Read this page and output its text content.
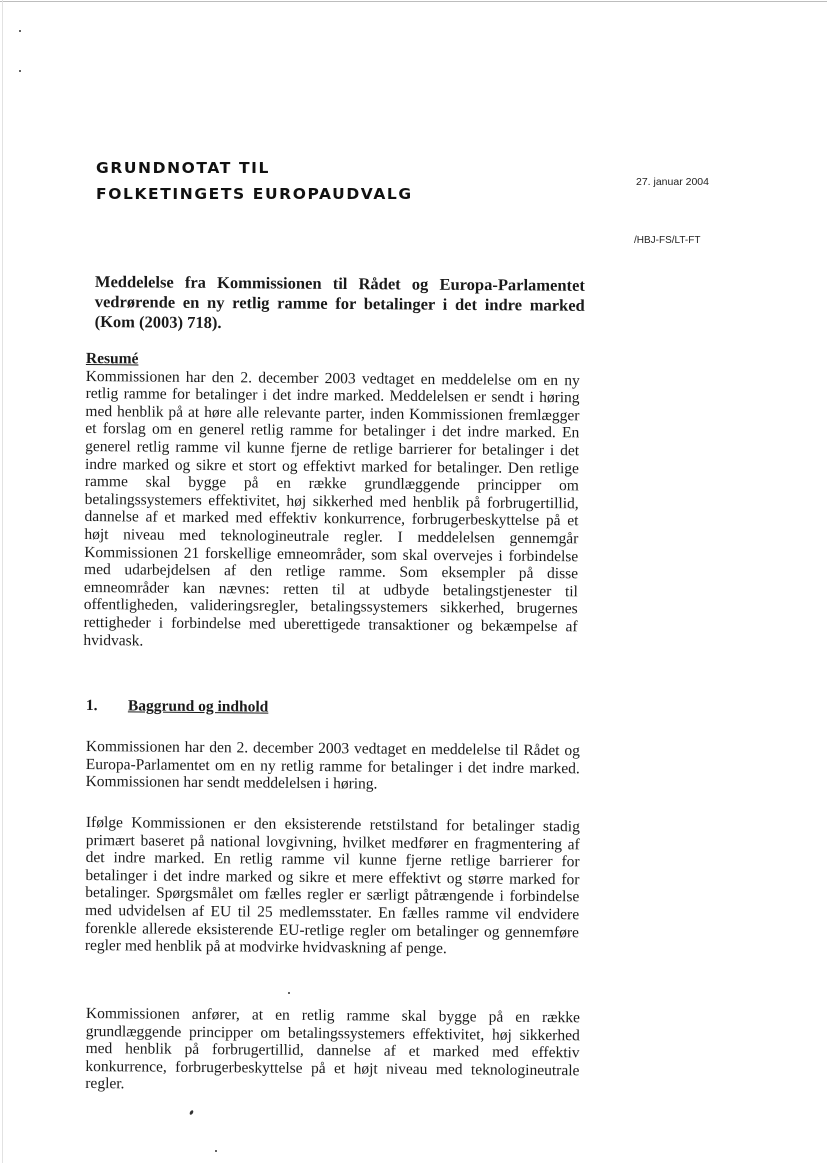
GRUNDNOTAT TIL
FOLKETINGETS EUROPAUDVALG
27. januar 2004
/HBJ-FS/LT-FT
Meddelelse fra Kommissionen til Rådet og Europa-Parlamentet vedrørende en ny retlig ramme for betalinger i det indre marked (Kom (2003) 718).

Resumé

Kommissionen har den 2. december 2003 vedtaget en meddelelse om en ny retlig ramme for betalinger i det indre marked. Meddelelsen er sendt i høring med henblik på at høre alle relevante parter, inden Kommissionen fremlægger et forslag om en generel retlig ramme for betalinger i det indre marked. En generel retlig ramme vil kunne fjerne de retlige barrierer for betalinger i det indre marked og sikre et stort og effektivt marked for betalinger. Den retlige ramme skal bygge på en række grundlæggende principper om betalingssystemers effektivitet, høj sikkerhed med henblik på forbrugertillid, dannelse af et marked med effektiv konkurrence, forbrugerbeskyttelse på et højt niveau med teknologineutrale regler. I meddelelsen gennemgår Kommissionen 21 forskellige emneområder, som skal overvejes i forbindelse med udarbejdelsen af den retlige ramme. Som eksempler på disse emneområder kan nævnes: retten til at udbyde betalingstjenester til offentligheden, valideringsregler, betalingssystemers sikkerhed, brugernes rettigheder i forbindelse med uberettigede transaktioner og bekæmpelse af hvidvask.

1. Baggrund og indhold

Kommissionen har den 2. december 2003 vedtaget en meddelelse til Rådet og Europa-Parlamentet om en ny retlig ramme for betalinger i det indre marked. Kommissionen har sendt meddelelsen i høring.

Ifølge Kommissionen er den eksisterende retstilstand for betalinger stadig primært baseret på national lovgivning, hvilket medfører en fragmentering af det indre marked. En retlig ramme vil kunne fjerne retlige barrierer for betalinger i det indre marked og sikre et mere effektivt og større marked for betalinger. Spørgsmålet om fælles regler er særligt påtrængende i forbindelse med udvidelsen af EU til 25 medlemsstater. En fælles ramme vil endvidere forenkle allerede eksisterende EU-retlige regler om betalinger og gennemføre regler med henblik på at modvirke hvidvaskning af penge.

Kommissionen anfører, at en retlig ramme skal bygge på en række grundlæggende principper om betalingssystemers effektivitet, høj sikkerhed med henblik på forbrugertillid, dannelse af et marked med effektiv konkurrence, forbrugerbeskyttelse på et højt niveau med teknologineutrale regler.
